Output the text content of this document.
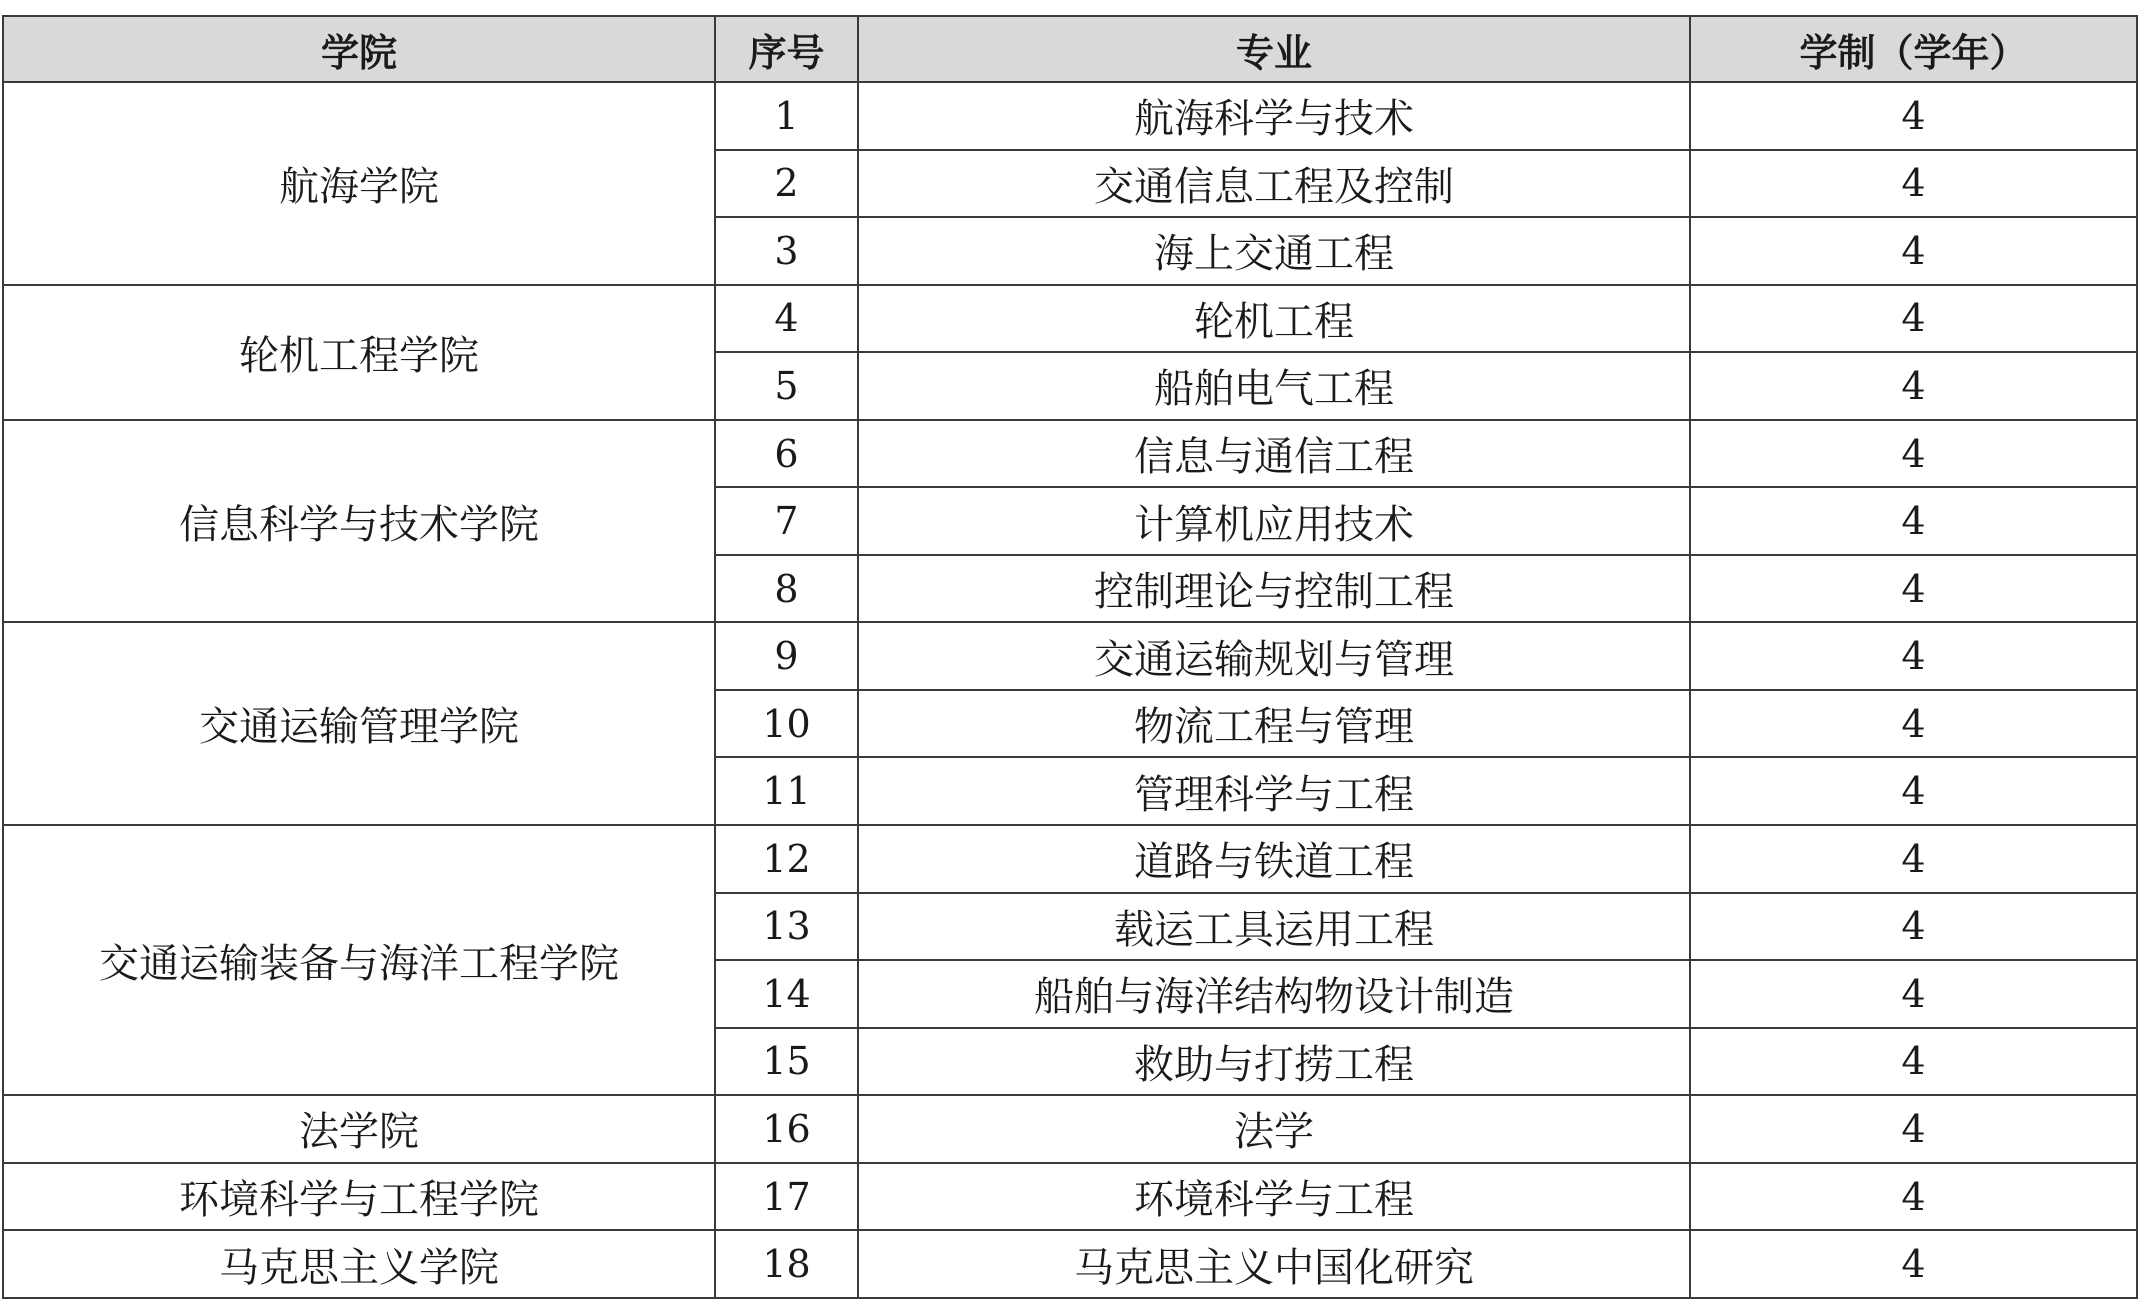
学院	序号	专业	学制（学年）
航海学院	1	航海科学与技术	4
	2	交通信息工程及控制	4
	3	海上交通工程	4
轮机工程学院	4	轮机工程	4
	5	船舶电气工程	4
信息科学与技术学院	6	信息与通信工程	4
	7	计算机应用技术	4
	8	控制理论与控制工程	4
交通运输管理学院	9	交通运输规划与管理	4
	10	物流工程与管理	4
	11	管理科学与工程	4
交通运输装备与海洋工程学院	12	道路与铁道工程	4
	13	载运工具运用工程	4
	14	船舶与海洋结构物设计制造	4
	15	救助与打捞工程	4
法学院	16	法学	4
环境科学与工程学院	17	环境科学与工程	4
马克思主义学院	18	马克思主义中国化研究	4
